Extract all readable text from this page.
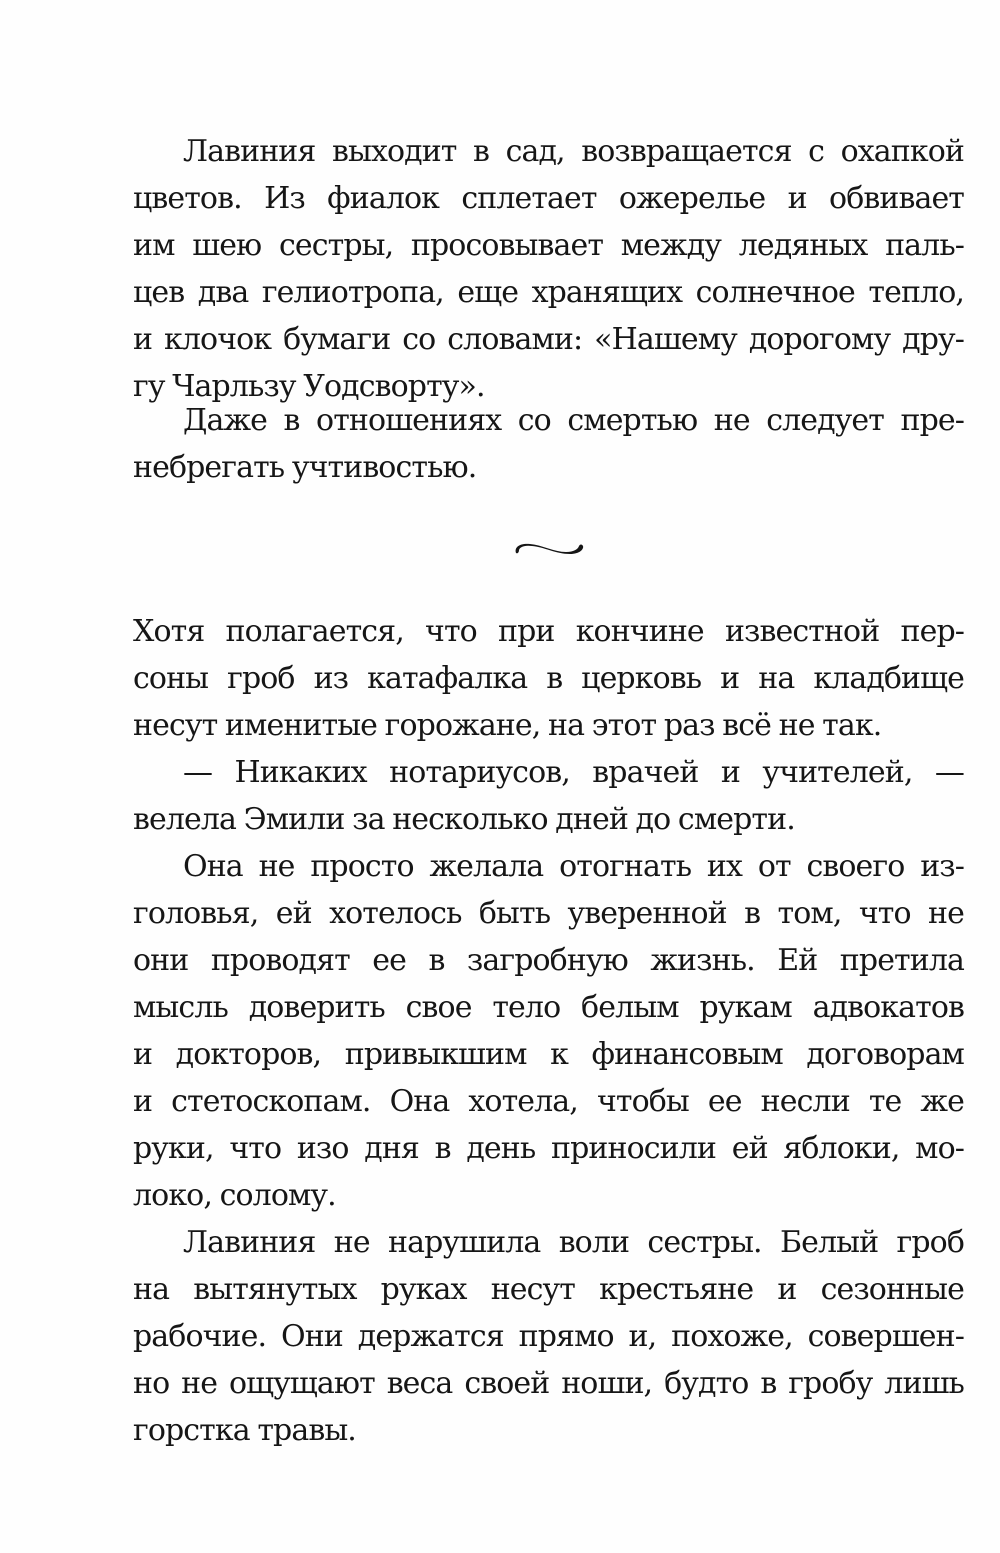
Лавиния выходит в сад, возвращается с охапкой
цветов. Из фиалок сплетает ожерелье и обвивает
им шею сестры, просовывает между ледяных паль-
цев два гелиотропа, еще хранящих солнечное тепло,
и клочок бумаги со словами: «Нашему дорогому дру-
гу Чарльзу Уодсворту».
Даже в отношениях со смертью не следует пре-
небрегать учтивостью.
Хотя полагается, что при кончине известной пер-
соны гроб из катафалка в церковь и на кладбище
несут именитые горожане, на этот раз всё не так.
— Никаких нотариусов, врачей и учителей, —
велела Эмили за несколько дней до смерти.
Она не просто желала отогнать их от своего из-
головья, ей хотелось быть уверенной в том, что не
они проводят ее в загробную жизнь. Ей претила
мысль доверить свое тело белым рукам адвокатов
и докторов, привыкшим к финансовым договорам
и стетоскопам. Она хотела, чтобы ее несли те же
руки, что изо дня в день приносили ей яблоки, мо-
локо, солому.
Лавиния не нарушила воли сестры. Белый гроб
на вытянутых руках несут крестьяне и сезонные
рабочие. Они держатся прямо и, похоже, совершен-
но не ощущают веса своей ноши, будто в гробу лишь
горстка травы.
